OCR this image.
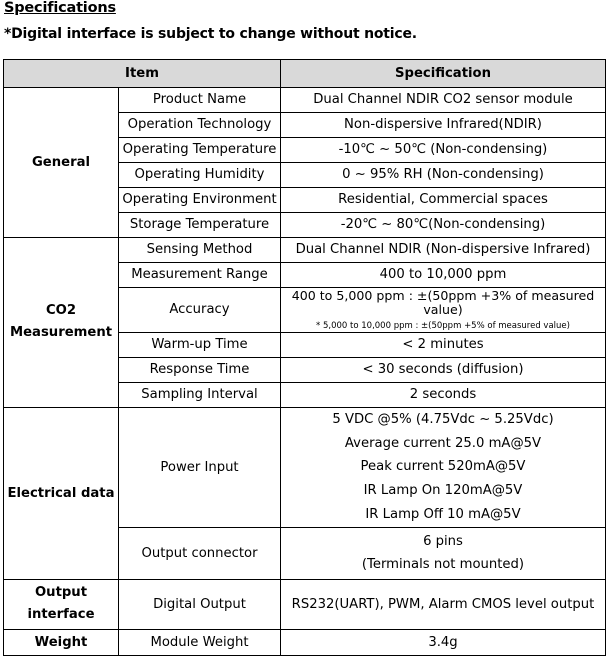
Specifications
*Digital interface is subject to change without notice.
Item		Specification
General	Product Name	Dual Channel NDIR CO2 sensor module
	Operation Technology	Non-dispersive Infrared(NDIR)
	Operating Temperature	-10℃ ~ 50℃ (Non-condensing)
	Operating Humidity	0 ~ 95% RH (Non-condensing)
	Operating Environment	Residential, Commercial spaces
	Storage Temperature	-20℃ ~ 80℃(Non-condensing)

CO2
Measurement	Sensing Method	Dual Channel NDIR (Non-dispersive Infrared)
	Measurement Range	400 to 10,000 ppm
	Accuracy	400 to 5,000 ppm : ±(50ppm +3% of measured value)
* 5,000 to 10,000 ppm : ±(50ppm +5% of measured value)

	Warm-up Time	< 2 minutes
	Response Time	< 30 seconds (diffusion)
	Sampling Interval	2 seconds
Electrical data	Power Input	5 VDC @5% (4.75Vdc ~ 5.25Vdc)
Average current 25.0 mA@5V
Peak current 520mA@5V
IR Lamp On 120mA@5V
IR Lamp Off 10 mA@5V

	Output connector	6 pins
(Terminals not mounted)

Output
interface	Digital Output	RS232(UART), PWM, Alarm CMOS level output
Weight	Module Weight	3.4g
